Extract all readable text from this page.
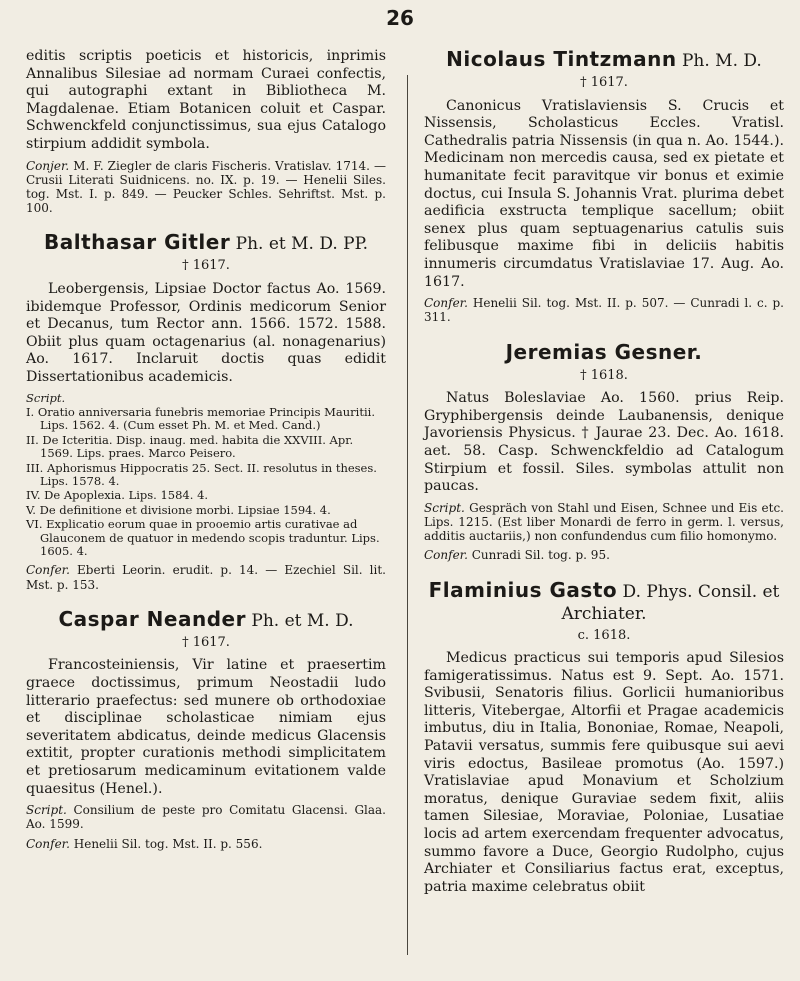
26

editis scriptis poeticis et historicis, inprimis Annalibus Silesiae ad normam Curaei confectis, qui autographi extant in Bibliotheca M. Magdalenae. Etiam Botanicen coluit et Caspar. Schwenckfeld conjunctissimus, sua ejus Catalogo stirpium addidit symbola.

Conjer. M. F. Ziegler de claris Fischeris. Vratislav. 1714. — Crusii Literati Suidnicens. no. IX. p. 19. — Henelii Siles. tog. Mst. I. p. 849. — Peucker Schles. Sehriftst. Mst. p. 100.
Balthasar Gitler Ph. et M. D. PP.
† 1617.

Leobergensis, Lipsiae Doctor factus Ao. 1569. ibidemque Professor, Ordinis medicorum Senior et Decanus, tum Rector ann. 1566. 1572. 1588. Obiit plus quam octagenarius (al. nonagenarius) Ao. 1617. Inclaruit doctis quas edidit Dissertationibus academicis.

Script.
I. Oratio anniversaria funebris memoriae Principis Mauritii. Lips. 1562. 4. (Cum esset Ph. M. et Med. Cand.)
II. De Icteritia. Disp. inaug. med. habita die XXVIII. Apr. 1569. Lips. praes. Marco Peisero.
III. Aphorismus Hippocratis 25. Sect. II. resolutus in theses. Lips. 1578. 4.
IV. De Apoplexia. Lips. 1584. 4.
V. De definitione et divisione morbi. Lipsiae 1594. 4.
VI. Explicatio eorum quae in prooemio artis curativae ad Glauconem de quatuor in medendo scopis traduntur. Lips. 1605. 4.
Confer. Eberti Leorin. erudit. p. 14. — Ezechiel Sil. lit. Mst. p. 153.
Caspar Neander Ph. et M. D.
† 1617.

Francosteiniensis, Vir latine et praesertim graece doctissimus, primum Neostadii ludo litterario praefectus: sed munere ob orthodoxiae et disciplinae scholasticae nimiam ejus severitatem abdicatus, deinde medicus Glacensis extitit, propter curationis methodi simplicitatem et pretiosarum medicaminum evitationem valde quaesitus (Henel.).

Script. Consilium de peste pro Comitatu Glacensi. Glaa. Ao. 1599.
Confer. Henelii Sil. tog. Mst. II. p. 556.
Nicolaus Tintzmann Ph. M. D.
† 1617.

Canonicus Vratislaviensis S. Crucis et Nissensis, Scholasticus Eccles. Vratisl. Cathedralis patria Nissensis (in qua n. Ao. 1544.). Medicinam non mercedis causa, sed ex pietate et humanitate fecit paravitque vir bonus et eximie doctus, cui Insula S. Johannis Vrat. plurima debet aedificia exstructa templique sacellum; obiit senex plus quam septuagenarius catulis suis felibusque maxime fibi in deliciis habitis innumeris circumdatus Vratislaviae 17. Aug. Ao. 1617.

Confer. Henelii Sil. tog. Mst. II. p. 507. — Cunradi l. c. p. 311.
Jeremias Gesner.
† 1618.

Natus Boleslaviae Ao. 1560. prius Reip. Gryphibergensis deinde Laubanensis, denique Javoriensis Physicus. † Jaurae 23. Dec. Ao. 1618. aet. 58. Casp. Schwenckfeldio ad Catalogum Stirpium et fossil. Siles. symbolas attulit non paucas.

Script. Gespräch von Stahl und Eisen, Schnee und Eis etc. Lips. 1215. (Est liber Monardi de ferro in germ. l. versus, additis auctariis,) non confundendus cum filio homonymo.
Confer. Cunradi Sil. tog. p. 95.
Flaminius Gasto D. Phys. Consil. et Archiater.
c. 1618.

Medicus practicus sui temporis apud Silesios famigeratissimus. Natus est 9. Sept. Ao. 1571. Svibusii, Senatoris filius. Gorlicii humanioribus litteris, Vitebergae, Altorfii et Pragae academicis imbutus, diu in Italia, Bononiae, Romae, Neapoli, Patavii versatus, summis fere quibusque sui aevi viris edoctus, Basileae promotus (Ao. 1597.) Vratislaviae apud Monavium et Scholzium moratus, denique Guraviae sedem fixit, aliis tamen Silesiae, Moraviae, Poloniae, Lusatiae locis ad artem exercendam frequenter advocatus, summo favore a Duce, Georgio Rudolpho, cujus Archiater et Consiliarius factus erat, exceptus, patria maxime celebratus obiit
